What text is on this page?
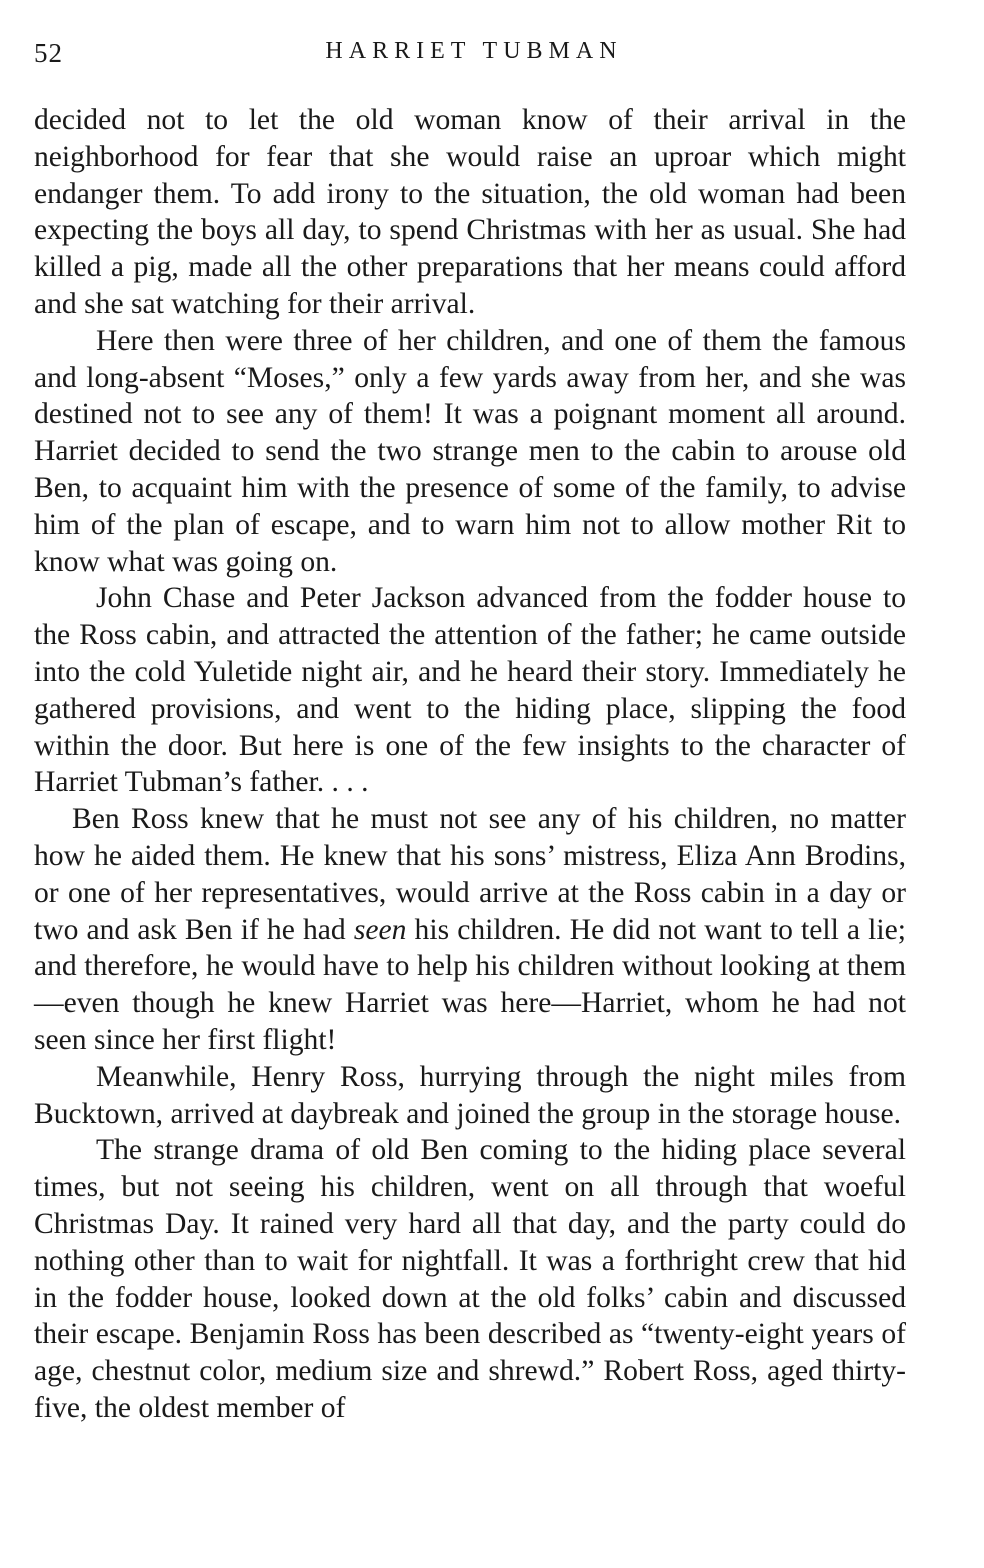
52	HARRIET TUBMAN

decided not to let the old woman know of their arrival in the neighborhood for fear that she would raise an uproar which might endanger them. To add irony to the situation, the old woman had been expecting the boys all day, to spend Christmas with her as usual. She had killed a pig, made all the other preparations that her means could afford and she sat watching for their arrival.

Here then were three of her children, and one of them the famous and long-absent “Moses,” only a few yards away from her, and she was destined not to see any of them! It was a poignant moment all around. Harriet decided to send the two strange men to the cabin to arouse old Ben, to acquaint him with the presence of some of the family, to advise him of the plan of escape, and to warn him not to allow mother Rit to know what was going on.

John Chase and Peter Jackson advanced from the fodder house to the Ross cabin, and attracted the attention of the father; he came outside into the cold Yuletide night air, and he heard their story. Immediately he gathered provisions, and went to the hiding place, slipping the food within the door. But here is one of the few insights to the character of Harriet Tubman’s father. . . .

Ben Ross knew that he must not see any of his children, no matter how he aided them. He knew that his sons’ mistress, Eliza Ann Brodins, or one of her representatives, would arrive at the Ross cabin in a day or two and ask Ben if he had seen his children. He did not want to tell a lie; and therefore, he would have to help his children without looking at them—even though he knew Harriet was here—Harriet, whom he had not seen since her first flight!

Meanwhile, Henry Ross, hurrying through the night miles from Bucktown, arrived at daybreak and joined the group in the storage house.

The strange drama of old Ben coming to the hiding place several times, but not seeing his children, went on all through that woeful Christmas Day. It rained very hard all that day, and the party could do nothing other than to wait for nightfall. It was a forthright crew that hid in the fodder house, looked down at the old folks’ cabin and discussed their escape. Benjamin Ross has been described as “twenty-eight years of age, chestnut color, medium size and shrewd.” Robert Ross, aged thirty-five, the oldest member of
